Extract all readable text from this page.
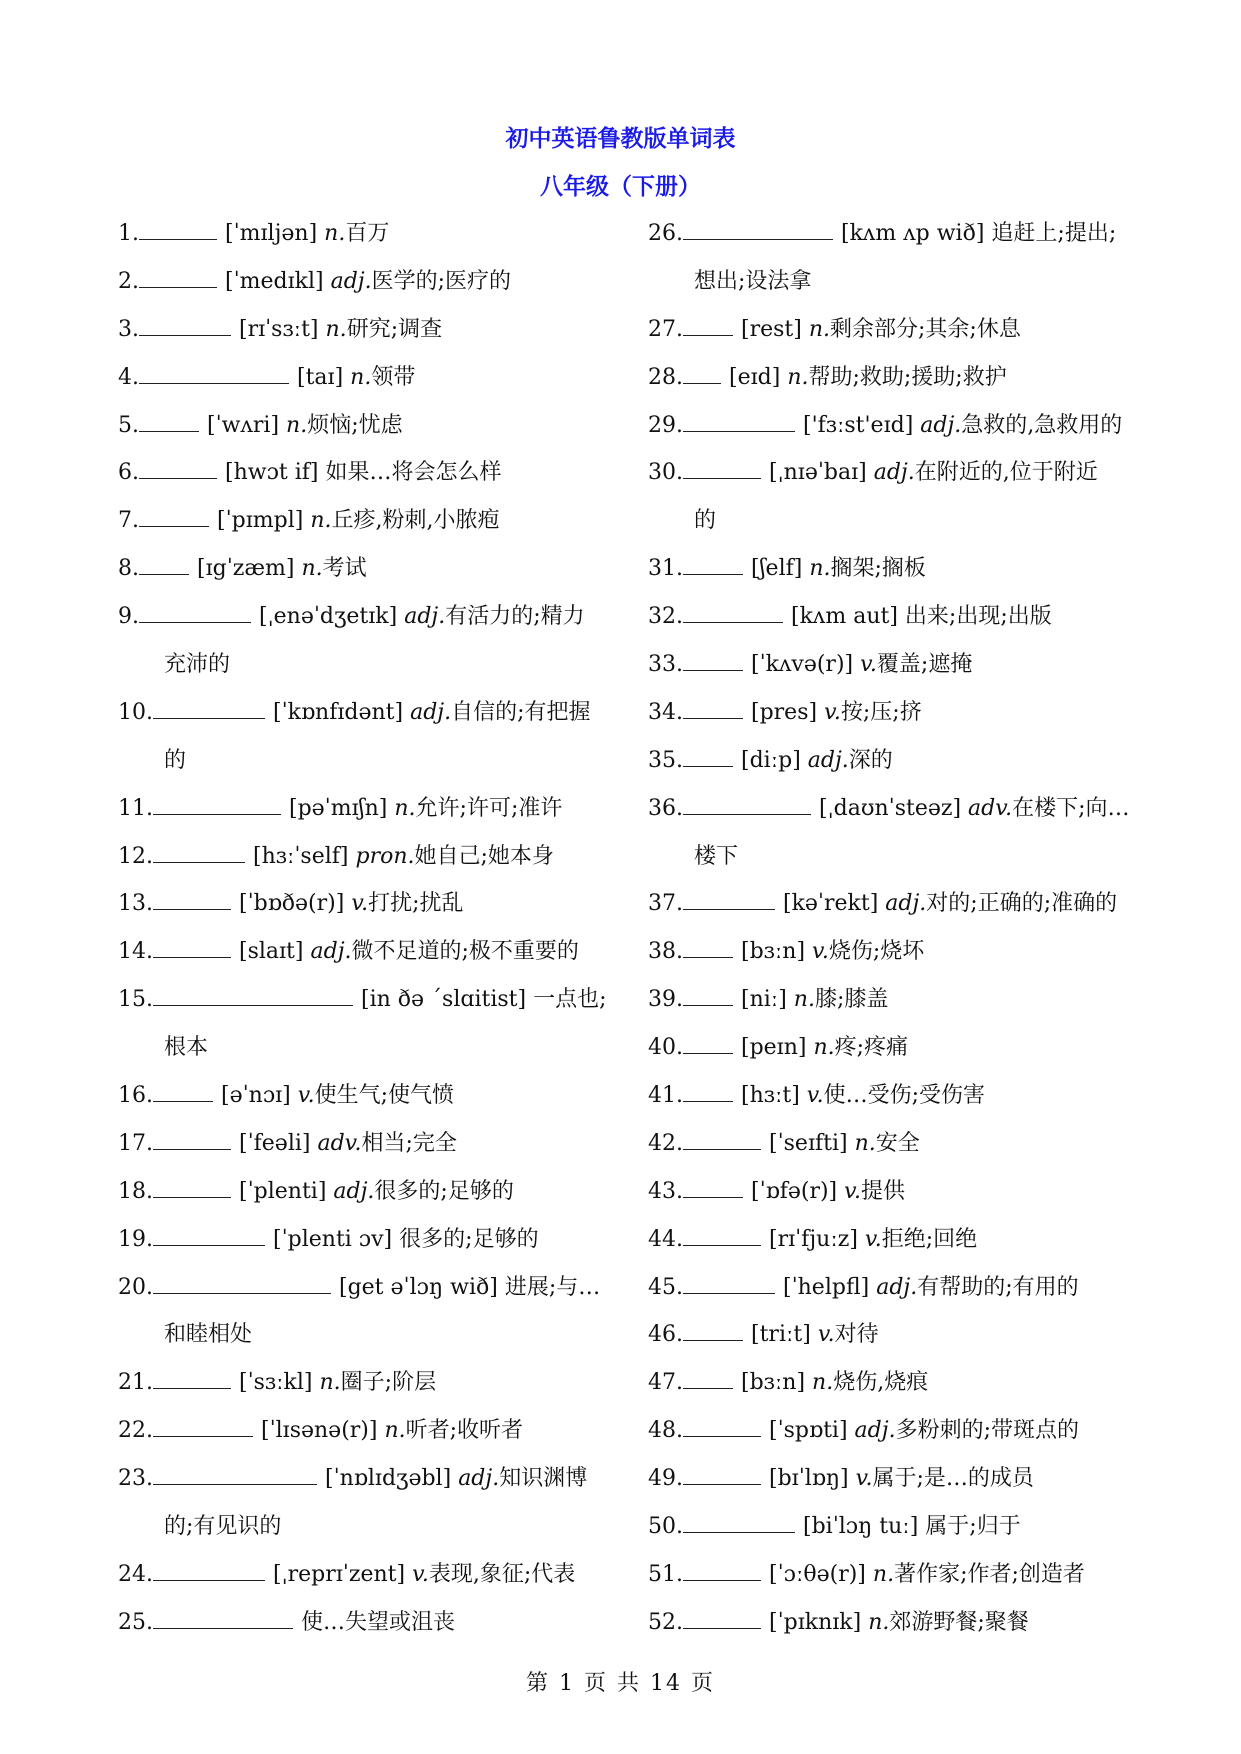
初中英语鲁教版单词表
八年级（下册）
1.	[ˈmɪljən] n.百万
2.	[ˈmedɪkl] adj.医学的;医疗的
3.	[rɪˈsɜːt] n.研究;调查
4.	[taɪ] n.领带
5.	[ˈwʌri] n.烦恼;忧虑
6.	[hwɔt if] 如果…将会怎么样
7.	[ˈpɪmpl] n.丘疹,粉刺,小脓疱
8.	[ɪgˈzæm] n.考试
9.	[ˌenəˈdʒetɪk] adj.有活力的;精力
充沛的
10.	[ˈkɒnfɪdənt] adj.自信的;有把握
的
11.	[pəˈmɪʃn] n.允许;许可;准许
12.	[hɜːˈself] pron.她自己;她本身
13.	[ˈbɒðə(r)] v.打扰;扰乱
14.	[slaɪt] adj.微不足道的;极不重要的
15.	[in ðə ˊslɑitist] 一点也;
根本
16.	[əˈnɔɪ] v.使生气;使气愤
17.	[ˈfeəli] adv.相当;完全
18.	[ˈplenti] adj.很多的;足够的
19.	[ˈplenti ɔv] 很多的;足够的
20.	[get əˈlɔŋ wið] 进展;与…
和睦相处
21.	[ˈsɜːkl] n.圈子;阶层
22.	[ˈlɪsənə(r)] n.听者;收听者
23.	[ˈnɒlɪdʒəbl] adj.知识渊博
的;有见识的
24.	[ˌreprɪˈzent] v.表现,象征;代表
25.	使…失望或沮丧
26.	[kʌm ʌp wið] 追赶上;提出;
想出;设法拿
27.	[rest] n.剩余部分;其余;休息
28. [eɪd] n.帮助;救助;援助;救护
29.	['fɜːst'eɪd] adj.急救的,急救用的
30.	[ˌnɪəˈbaɪ] adj.在附近的,位于附近
的
31.	[ʃelf] n.搁架;搁板
32.	[kʌm aut] 出来;出现;出版
33.	[ˈkʌvə(r)] v.覆盖;遮掩
34.	[pres] v.按;压;挤
35.	[diːp] adj.深的
36.	[ˌdaʊnˈsteəz] adv.在楼下;向…
楼下
37.	[kəˈrekt] adj.对的;正确的;准确的
38.	[bɜːn] v.烧伤;烧坏
39.	[niː] n.膝;膝盖
40.	[peɪn] n.疼;疼痛
41.	[hɜːt] v.使…受伤;受伤害
42.	[ˈseɪfti] n.安全
43.	[ˈɒfə(r)] v.提供
44.	[rɪˈfjuːz] v.拒绝;回绝
45.	[ˈhelpfl] adj.有帮助的;有用的
46.	[triːt] v.对待
47.	[bɜːn] n.烧伤,烧痕
48.	[ˈspɒti] adj.多粉刺的;带斑点的
49.	[bɪˈlɒŋ] v.属于;是…的成员
50.	[biˈlɔŋ tuː] 属于;归于
51.	[ˈɔːθə(r)] n.著作家;作者;创造者
52.	[ˈpɪknɪk] n.郊游野餐;聚餐
第 1 页 共 14 页
